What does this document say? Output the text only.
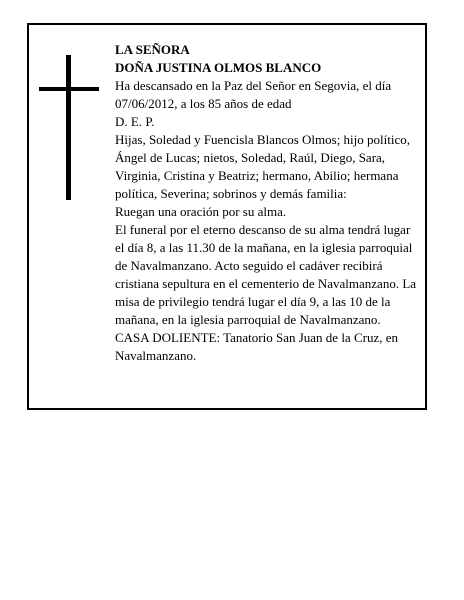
LA SEÑORA

DOÑA JUSTINA OLMOS BLANCO

Ha descansado en la Paz del Señor en Segovia, el día 07/06/2012, a los 85 años de edad

D. E. P.

Hijas, Soledad y Fuencisla Blancos Olmos; hijo político, Ángel de Lucas; nietos, Soledad, Raúl, Diego, Sara, Virginia, Cristina y Beatriz; hermano, Abilio; hermana política, Severina; sobrinos y demás familia:

Ruegan una oración por su alma.

El funeral por el eterno descanso de su alma tendrá lugar el día 8, a las 11.30 de la mañana, en la iglesia parroquial de Navalmanzano. Acto seguido el cadáver recibirá cristiana sepultura en el cementerio de Navalmanzano. La misa de privilegio tendrá lugar el día 9, a las 10 de la mañana, en la iglesia parroquial de Navalmanzano.

CASA DOLIENTE: Tanatorio San Juan de la Cruz, en Navalmanzano.
